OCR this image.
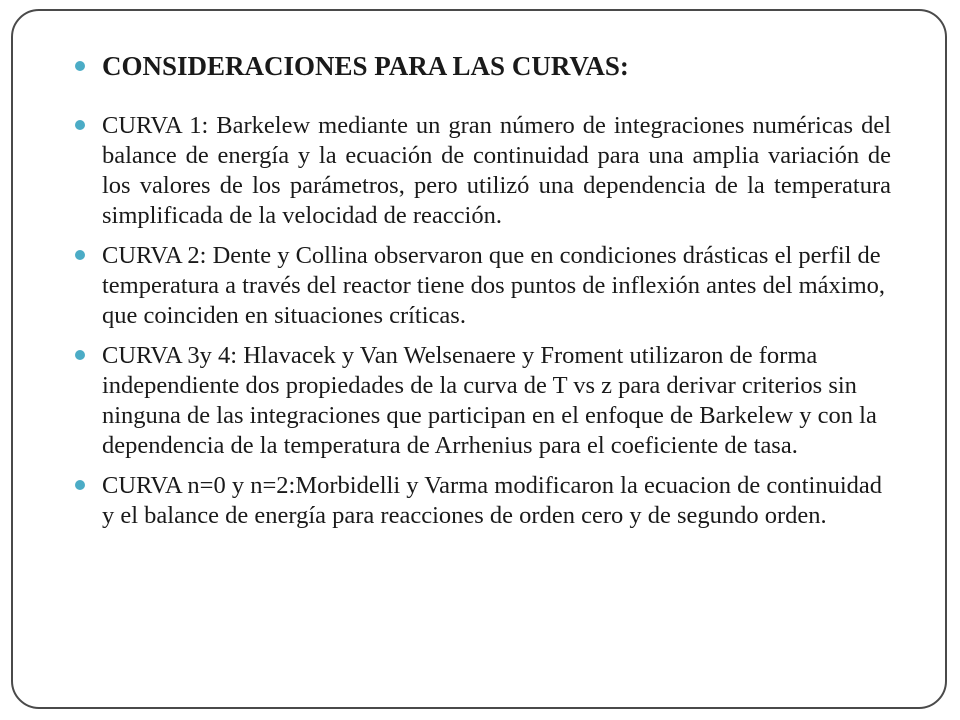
CONSIDERACIONES PARA LAS CURVAS:
CURVA 1: Barkelew mediante un gran número de integraciones numéricas del balance de energía y la ecuación de continuidad para una amplia variación de los valores de los parámetros, pero utilizó una dependencia de la temperatura simplificada de la velocidad de reacción.
CURVA 2: Dente y Collina observaron que en condiciones drásticas el perfil de temperatura a través del reactor tiene dos puntos de inflexión antes del máximo, que coinciden en situaciones críticas.
CURVA 3y 4: Hlavacek y Van Welsenaere y Froment utilizaron de forma independiente dos propiedades de la curva de T vs z para derivar criterios sin ninguna de las integraciones que participan en el enfoque de Barkelew y con la dependencia de la temperatura de Arrhenius para el coeficiente de tasa.
CURVA n=0 y n=2:Morbidelli y Varma modificaron la ecuacion de continuidad y el balance de energía para reacciones de orden cero y de segundo orden.
